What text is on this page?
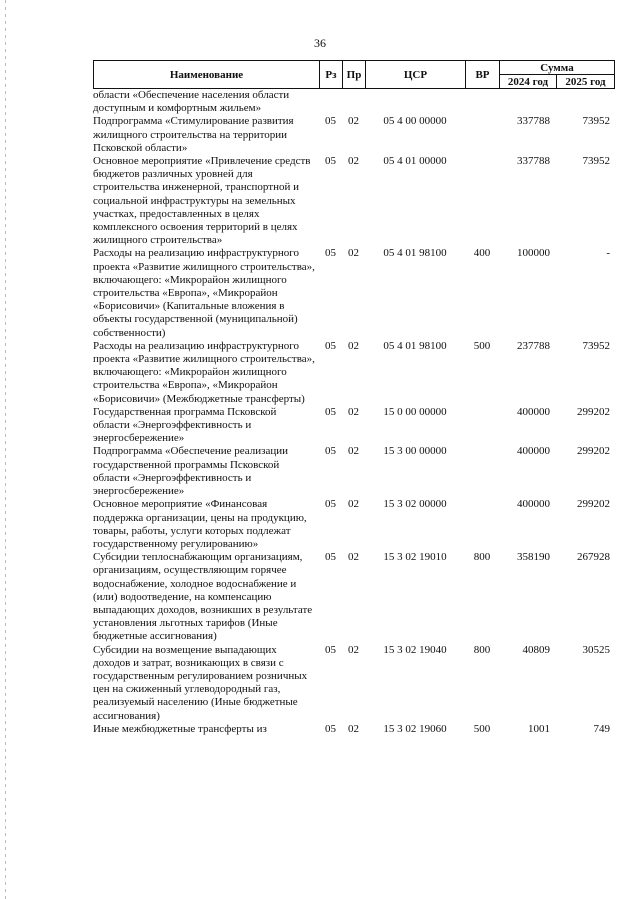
36
Наименование	Рз	Пр	ЦСР	ВР	Сумма	
					2024 год	2025 год
области «Обеспечение населения области доступным и комфортным жильем»						
Подпрограмма «Стимулирование развития жилищного строительства на территории Псковской области»	05	02	05 4 00 00000		337788	73952
Основное мероприятие «Привлечение средств бюджетов различных уровней для строительства инженерной, транспортной и социальной инфраструктуры на земельных участках, предоставленных в целях комплексного освоения территорий в целях жилищного строительства»	05	02	05 4 01 00000		337788	73952
Расходы на реализацию инфраструктурного проекта «Развитие жилищного строительства», включающего: «Микрорайон жилищного строительства «Европа», «Микрорайон «Борисовичи» (Капитальные вложения в объекты государственной (муниципальной) собственности)	05	02	05 4 01 98100	400	100000	-
Расходы на реализацию инфраструктурного проекта «Развитие жилищного строительства», включающего: «Микрорайон жилищного строительства «Европа», «Микрорайон «Борисовичи» (Межбюджетные трансферты)	05	02	05 4 01 98100	500	237788	73952
Государственная программа Псковской области «Энергоэффективность и энергосбережение»	05	02	15 0 00 00000		400000	299202
Подпрограмма «Обеспечение реализации государственной программы Псковской области «Энергоэффективность и энергосбережение»	05	02	15 3 00 00000		400000	299202
Основное мероприятие «Финансовая поддержка организации, цены на продукцию, товары, работы, услуги которых подлежат государственному регулированию»	05	02	15 3 02 00000		400000	299202
Субсидии теплоснабжающим организациям, организациям, осуществляющим горячее водоснабжение, холодное водоснабжение и (или) водоотведение, на компенсацию выпадающих доходов, возникших в результате установления льготных тарифов (Иные бюджетные ассигнования)	05	02	15 3 02 19010	800	358190	267928
Субсидии на возмещение выпадающих доходов и затрат, возникающих в связи с государственным регулированием розничных цен на сжиженный углеводородный газ, реализуемый населению (Иные бюджетные ассигнования)	05	02	15 3 02 19040	800	40809	30525
Иные межбюджетные трансферты из	05	02	15 3 02 19060	500	1001	749
